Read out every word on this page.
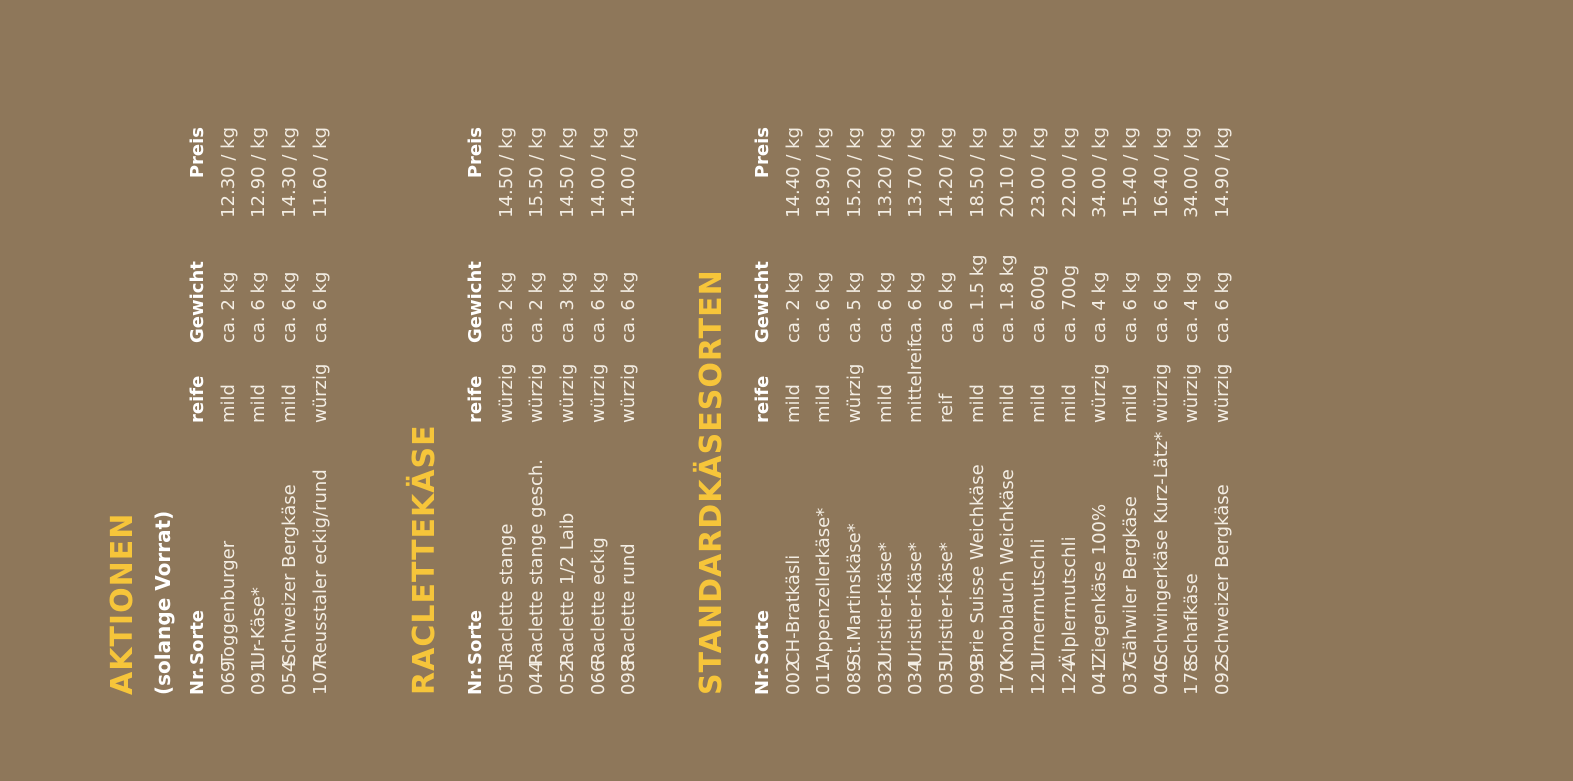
AKTIONEN (solange Vorrat) Nr.
Sorte
reife
Gewicht
Preis
069
Toggenburger
mild
ca. 2 kg
12.30 / kg
091
Ur-Käse*
mild
ca. 6 kg
12.90 / kg
054
Schweizer Bergkäse
mild
ca. 6 kg
14.30 / kg
107
Reusstaler eckig/rund
würzig
ca. 6 kg
11.60 / kg
RACLETTEKÄSE Nr.
Sorte
reife
Gewicht
Preis
051
Raclette stange
würzig
ca. 2 kg
14.50 / kg
044
Raclette stange gesch.
würzig
ca. 2 kg
15.50 / kg
052
Raclette 1/2 Laib
würzig
ca. 3 kg
14.50 / kg
066
Raclette eckig
würzig
ca. 6 kg
14.00 / kg
098
Raclette rund
würzig
ca. 6 kg
14.00 / kg
STANDARDKÄSESORTEN Nr.
Sorte
reife
Gewicht
Preis
002
CH-Bratkäsli
mild
ca. 2 kg
14.40 / kg
011
Appenzellerkäse*
mild
ca. 6 kg
18.90 / kg
089
St.Martinskäse*
würzig
ca. 5 kg
15.20 / kg
032
Uristier-Käse*
mild
ca. 6 kg
13.20 / kg
034
Uristier-Käse*
mittelreif
ca. 6 kg
13.70 / kg
035
Uristier-Käse*
reif
ca. 6 kg
14.20 / kg
099
Brie Suisse Weichkäse
mild
ca. 1.5 kg
18.50 / kg
170
Knoblauch Weichkäse
mild
ca. 1.8 kg
20.10 / kg
121
Urnermutschli
mild
ca. 600g
23.00 / kg
124
Älplermutschli
mild
ca. 700g
22.00 / kg
041
Ziegenkäse 100%
würzig
ca. 4 kg
34.00 / kg
037
Gähwiler Bergkäse
mild
ca. 6 kg
15.40 / kg
040
Schwingerkäse Kurz-Lätz*
würzig
ca. 6 kg
16.40 / kg
178
Schafkäse
würzig
ca. 4 kg
34.00 / kg
092
Schweizer Bergkäse
würzig
ca. 6 kg
14.90 / kg
